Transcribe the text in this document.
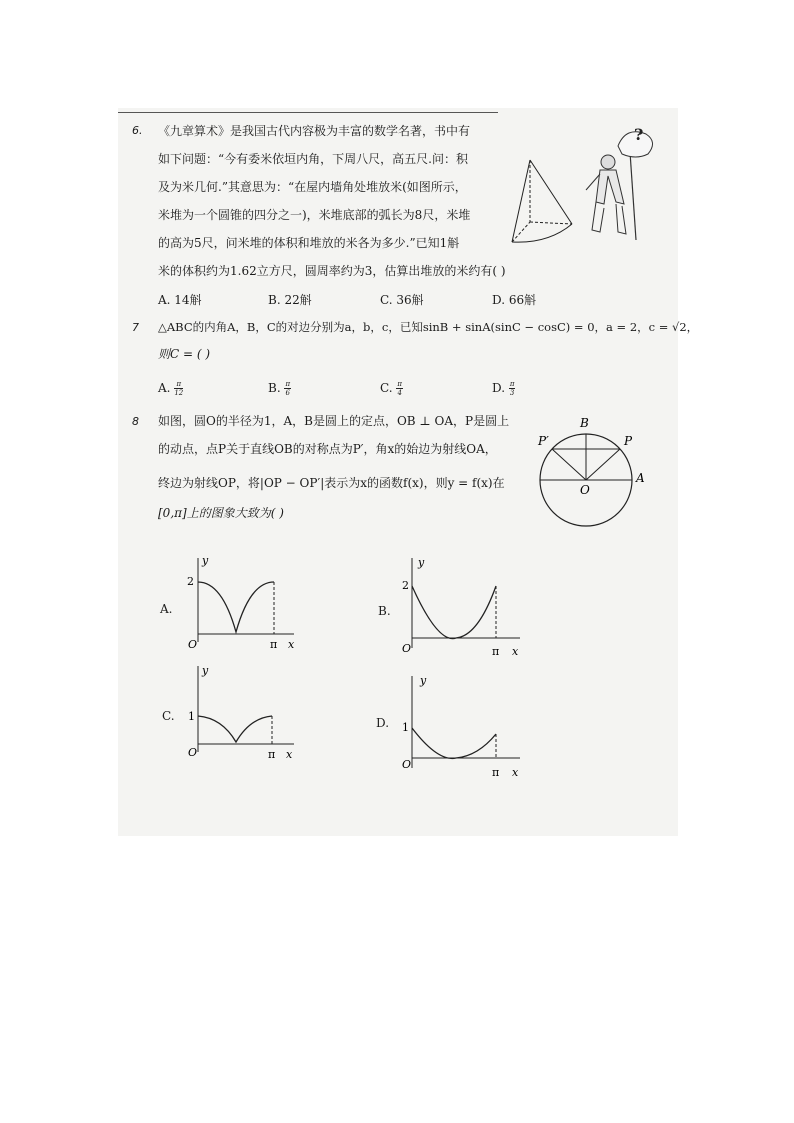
6. 《九章算术》是我国古代内容极为丰富的数学名著，书中有
如下问题：“今有委米依垣内角，下周八尺，高五尺.问：积
及为米几何.”其意思为：“在屋内墙角处堆放米(如图所示，
米堆为一个圆锥的四分之一)，米堆底部的弧长为8尺，米堆
的高为5尺，问米堆的体积和堆放的米各为多少.”已知1斛
米的体积约为1.62立方尺，圆周率约为3，估算出堆放的米约有( )
A. 14斛	B. 22斛	C. 36斛	D. 66斛
?
7 △ABC的内角A，B，C的对边分别为a，b，c，已知sinB + sinA(sinC − cosC) = 0，a = 2，c = √2，
则C = ( )
A. $\frac{\pi}{12}$	B. $\frac{\pi}{6}$	C. $\frac{\pi}{4}$	D. $\frac{\pi}{3}$
8 如图，圆O的半径为1，A，B是圆上的定点，OB ⊥ OA，P是圆上
的动点，点P关于直线OB的对称点为P′，角x的始边为射线OA，
终边为射线OP，将|OP − OP′|表示为x的函数f(x)，则y = f(x)在
[0,π]上的图象大致为( )
B
P′	P
O
A
A.
y
2
O	π x
B.
y
2
O	π x
C.
y
1
O	π x
D.
y
1
O
π x
